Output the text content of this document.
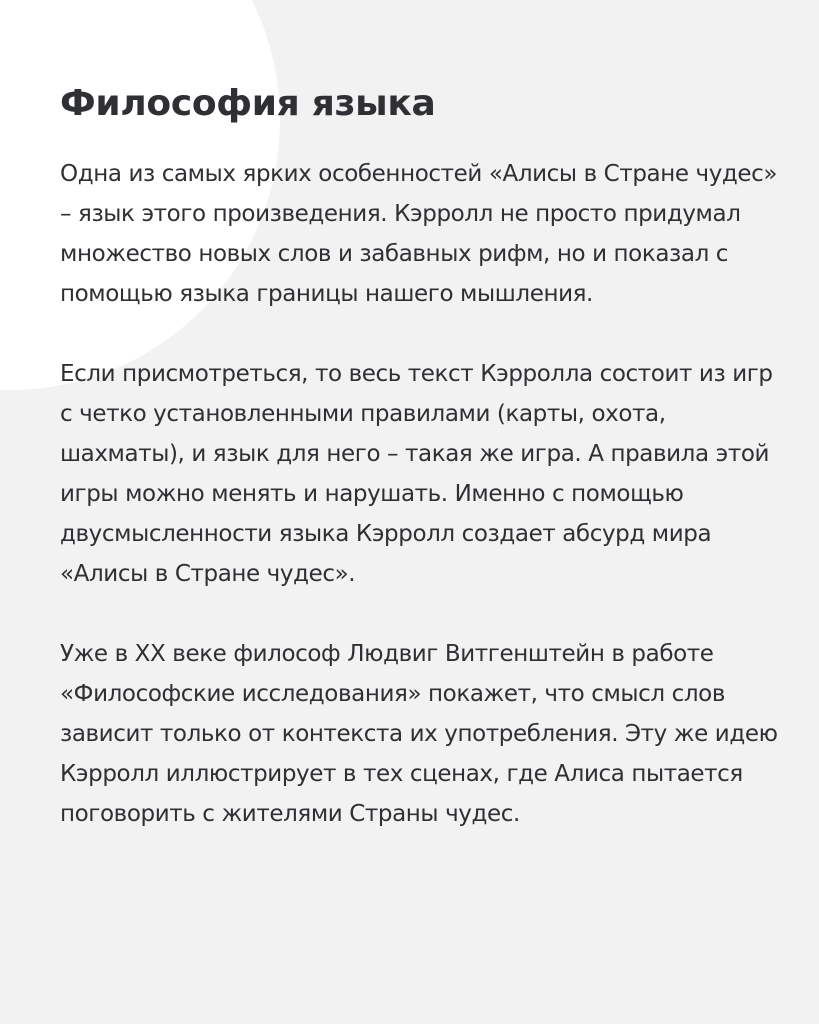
Философия языка

Одна из самых ярких особенностей «Алисы в Стране чудес» – язык этого произведения. Кэрролл не просто придумал множество новых слов и забавных рифм, но и показал с помощью языка границы нашего мышления.

Если присмотреться, то весь текст Кэрролла состоит из игр с четко установленными правилами (карты, охота, шахматы), и язык для него – такая же игра. А правила этой игры можно менять и нарушать. Именно с помощью двусмысленности языка Кэрролл создает абсурд мира «Алисы в Стране чудес».

Уже в XX веке философ Людвиг Витгенштейн в работе «Философские исследования» покажет, что смысл слов зависит только от контекста их употребления. Эту же идею Кэрролл иллюстрирует в тех сценах, где Алиса пытается поговорить с жителями Страны чудес.
